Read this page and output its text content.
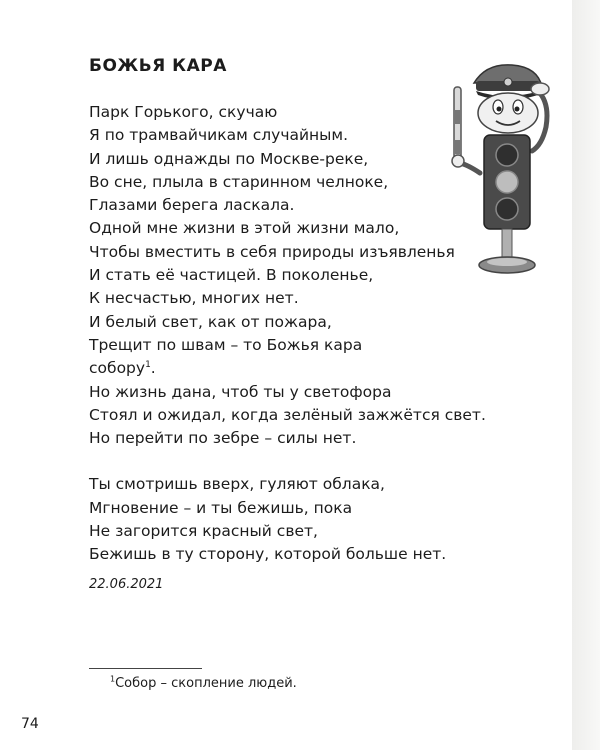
БОЖЬЯ КАРА
Парк Горького, скучаю
Я по трамвайчикам случайным.
И лишь однажды по Москве-реке,
Во сне, плыла в старинном челноке,
Глазами берега ласкала.
Одной мне жизни в этой жизни мало,
Чтобы вместить в себя природы изъявленья
И стать её частицей. В поколенье,
К несчастью, многих нет.
И белый свет, как от пожара,
Трещит по швам – то Божья кара
собору$^1$.
Но жизнь дана, чтоб ты у светофора
Стоял и ожидал, когда зелёный зажжётся свет.
Но перейти по зебре – силы нет.
Ты смотришь вверх, гуляют облака,
Мгновение – и ты бежишь, пока
Не загорится красный свет,
Бежишь в ту сторону, которой больше нет.
22.06.2021
$^1$Собор – скопление людей.
74
